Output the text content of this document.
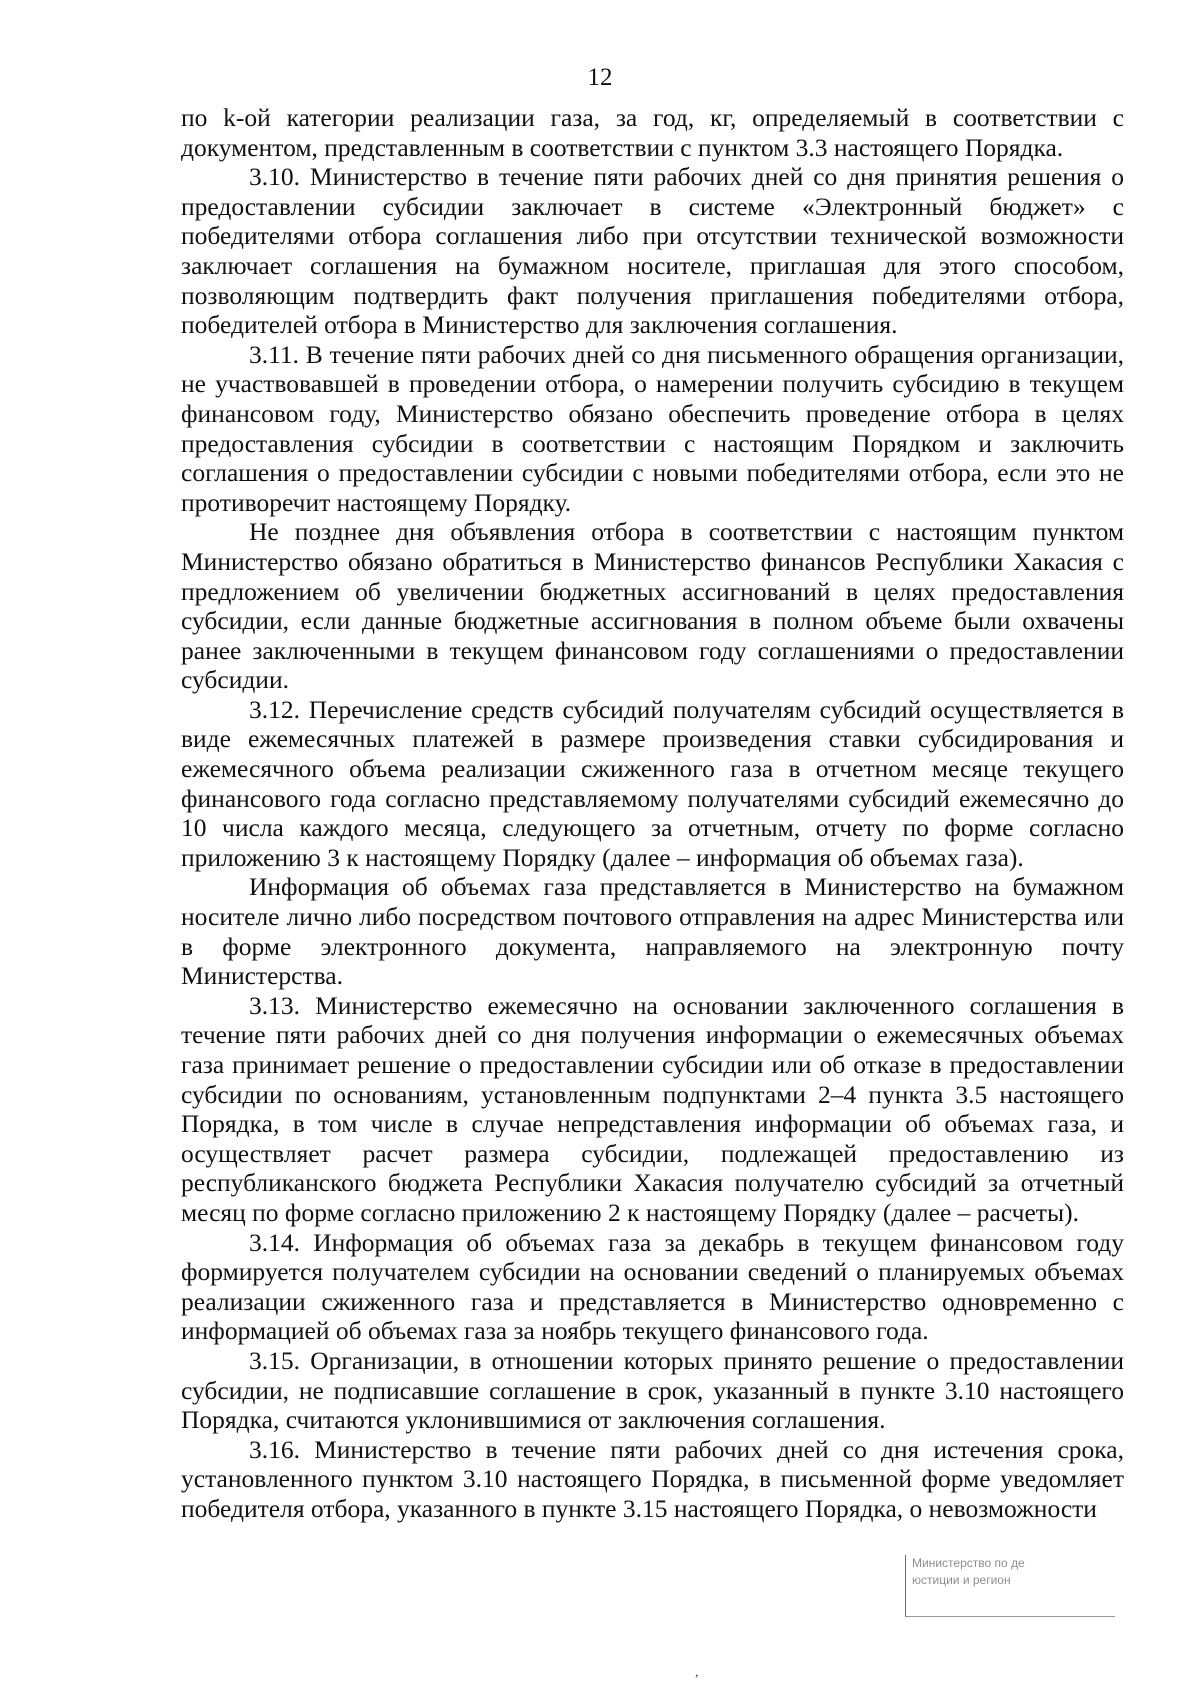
12

по k-ой категории реализации газа, за год, кг, определяемый в соответствии с документом, представленным в соответствии с пунктом 3.3 настоящего Порядка.

3.10. Министерство в течение пяти рабочих дней со дня принятия решения о предоставлении субсидии заключает в системе «Электронный бюджет» с победителями отбора соглашения либо при отсутствии технической возможности заключает соглашения на бумажном носителе, приглашая для этого способом, позволяющим подтвердить факт получения приглашения победителями отбора, победителей отбора в Министерство для заключения соглашения.

3.11. В течение пяти рабочих дней со дня письменного обращения организации, не участвовавшей в проведении отбора, о намерении получить субсидию в текущем финансовом году, Министерство обязано обеспечить проведение отбора в целях предоставления субсидии в соответствии с настоящим Порядком и заключить соглашения о предоставлении субсидии с новыми победителями отбора, если это не противоречит настоящему Порядку.

Не позднее дня объявления отбора в соответствии с настоящим пунктом Министерство обязано обратиться в Министерство финансов Республики Хакасия с предложением об увеличении бюджетных ассигнований в целях предоставления субсидии, если данные бюджетные ассигнования в полном объеме были охвачены ранее заключенными в текущем финансовом году соглашениями о предоставлении субсидии.

3.12. Перечисление средств субсидий получателям субсидий осуществляется в виде ежемесячных платежей в размере произведения ставки субсидирования и ежемесячного объема реализации сжиженного газа в отчетном месяце текущего финансового года согласно представляемому получателями субсидий ежемесячно до 10 числа каждого месяца, следующего за отчетным, отчету по форме согласно приложению 3 к настоящему Порядку (далее – информация об объемах газа).

Информация об объемах газа представляется в Министерство на бумажном носителе лично либо посредством почтового отправления на адрес Министерства или в форме электронного документа, направляемого на электронную почту Министерства.

3.13. Министерство ежемесячно на основании заключенного соглашения в течение пяти рабочих дней со дня получения информации о ежемесячных объемах газа принимает решение о предоставлении субсидии или об отказе в предоставлении субсидии по основаниям, установленным подпунктами 2–4 пункта 3.5 настоящего Порядка, в том числе в случае непредставления информации об объемах газа, и осуществляет расчет размера субсидии, подлежащей предоставлению из республиканского бюджета Республики Хакасия получателю субсидий за отчетный месяц по форме согласно приложению 2 к настоящему Порядку (далее – расчеты).

3.14. Информация об объемах газа за декабрь в текущем финансовом году формируется получателем субсидии на основании сведений о планируемых объемах реализации сжиженного газа и представляется в Министерство одновременно с информацией об объемах газа за ноябрь текущего финансового года.

3.15. Организации, в отношении которых принято решение о предоставлении субсидии, не подписавшие соглашение в срок, указанный в пункте 3.10 настоящего Порядка, считаются уклонившимися от заключения соглашения.

3.16. Министерство в течение пяти рабочих дней со дня истечения срока, установленного пунктом 3.10 настоящего Порядка, в письменной форме уведомляет победителя отбора, указанного в пункте 3.15 настоящего Порядка, о невозможности

Министерство по де
юстиции и регион
,
